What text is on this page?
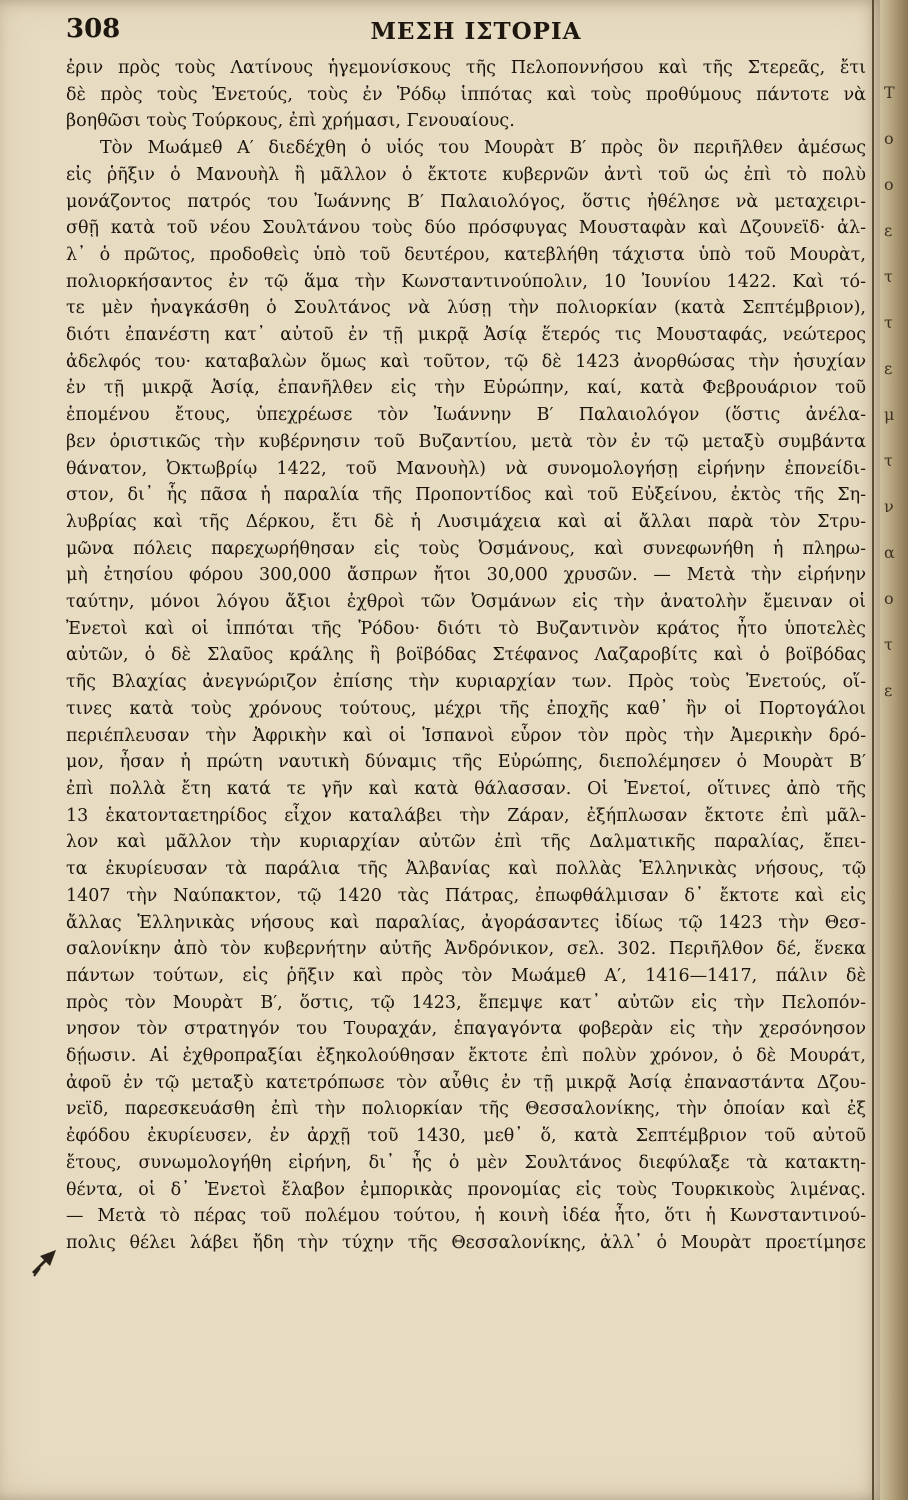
Τ
ο
ο
ε
τ
τ
ε
μ
τ
ν
α
ο
τ
ε
308	ΜΕΣΗ ΙΣΤΟΡΙΑ
ἐριν πρὸς τοὺς Λατίνους ἡγεμονίσκους τῆς Πελοποννήσου καὶ τῆς Στερεᾶς, ἔτι
δὲ πρὸς τοὺς Ἐνετούς, τοὺς ἐν Ῥόδῳ ἱππότας καὶ τοὺς προθύμους πάντοτε νὰ
βοηθῶσι τοὺς Τούρκους, ἐπὶ χρήμασι, Γενουαίους.
Τὸν Μωάμεθ Α′ διεδέχθη ὁ υἱός του Μουρὰτ Β′ πρὸς ὃν περιῆλθεν ἀμέσως
εἰς ῥῆξιν ὁ Μανουὴλ ἢ μᾶλλον ὁ ἔκτοτε κυβερνῶν ἀντὶ τοῦ ὡς ἐπὶ τὸ πολὺ
μονάζοντος πατρός του Ἰωάννης Β′ Παλαιολόγος, ὅστις ἠθέλησε νὰ μεταχειρι-
σθῇ κατὰ τοῦ νέου Σουλτάνου τοὺς δύο πρόσφυγας Μουσταφὰν καὶ Δζουνεϊδ· ἀλ-
λ᾿ ὁ πρῶτος, προδοθεὶς ὑπὸ τοῦ δευτέρου, κατεβλήθη τάχιστα ὑπὸ τοῦ Μουρὰτ,
πολιορκήσαντος ἐν τῷ ἅμα τὴν Κωνσταντινούπολιν, 10 Ἰουνίου 1422. Καὶ τό-
τε μὲν ἠναγκάσθη ὁ Σουλτάνος νὰ λύσῃ τὴν πολιορκίαν (κατὰ Σεπτέμβριον),
διότι ἐπανέστη κατ᾿ αὐτοῦ ἐν τῇ μικρᾷ Ἀσίᾳ ἕτερός τις Μουσταφάς, νεώτερος
ἀδελφός του· καταβαλὼν ὅμως καὶ τοῦτον, τῷ δὲ 1423 ἀνορθώσας τὴν ἡσυχίαν
ἐν τῇ μικρᾷ Ἀσίᾳ, ἐπανῆλθεν εἰς τὴν Εὐρώπην, καί, κατὰ Φεβρουάριον τοῦ
ἑπομένου ἔτους, ὑπεχρέωσε τὸν Ἰωάννην Β′ Παλαιολόγον (ὅστις ἀνέλα-
βεν ὁριστικῶς τὴν κυβέρνησιν τοῦ Βυζαντίου, μετὰ τὸν ἐν τῷ μεταξὺ συμβάντα
θάνατον, Ὀκτωβρίῳ 1422, τοῦ Μανουὴλ) νὰ συνομολογήσῃ εἰρήνην ἐπονείδι-
στον, δι᾿ ἧς πᾶσα ἡ παραλία τῆς Προποντίδος καὶ τοῦ Εὐξείνου, ἐκτὸς τῆς Ση-
λυβρίας καὶ τῆς Δέρκου, ἔτι δὲ ἡ Λυσιμάχεια καὶ αἱ ἄλλαι παρὰ τὸν Στρυ-
μῶνα πόλεις παρεχωρήθησαν εἰς τοὺς Ὀσμάνους, καὶ συνεφωνήθη ἡ πληρω-
μὴ ἐτησίου φόρου 300,000 ἄσπρων ἤτοι 30,000 χρυσῶν. — Μετὰ τὴν εἰρήνην
ταύτην, μόνοι λόγου ἄξιοι ἐχθροὶ τῶν Ὀσμάνων εἰς τὴν ἀνατολὴν ἔμειναν οἱ
Ἐνετοὶ καὶ οἱ ἱππόται τῆς Ῥόδου· διότι τὸ Βυζαντινὸν κράτος ἦτο ὑποτελὲς
αὐτῶν, ὁ δὲ Σλαῦος κράλης ἢ βοϊβόδας Στέφανος Λαζαροβίτς καὶ ὁ βοϊβόδας
τῆς Βλαχίας ἀνεγνώριζον ἐπίσης τὴν κυριαρχίαν των. Πρὸς τοὺς Ἐνετούς, οἵ-
τινες κατὰ τοὺς χρόνους τούτους, μέχρι τῆς ἐποχῆς καθ᾿ ἣν οἱ Πορτογάλοι
περιέπλευσαν τὴν Ἀφρικὴν καὶ οἱ Ἱσπανοὶ εὗρον τὸν πρὸς τὴν Ἀμερικὴν δρό-
μον, ἦσαν ἡ πρώτη ναυτικὴ δύναμις τῆς Εὐρώπης, διεπολέμησεν ὁ Μουρὰτ Β′
ἐπὶ πολλὰ ἔτη κατά τε γῆν καὶ κατὰ θάλασσαν. Οἱ Ἐνετοί, οἵτινες ἀπὸ τῆς
13 ἑκατονταετηρίδος εἶχον καταλάβει τὴν Ζάραν, ἐξήπλωσαν ἔκτοτε ἐπὶ μᾶλ-
λον καὶ μᾶλλον τὴν κυριαρχίαν αὐτῶν ἐπὶ τῆς Δαλματικῆς παραλίας, ἔπει-
τα ἐκυρίευσαν τὰ παράλια τῆς Ἀλβανίας καὶ πολλὰς Ἑλληνικὰς νήσους, τῷ
1407 τὴν Ναύπακτον, τῷ 1420 τὰς Πάτρας, ἐπωφθάλμισαν δ᾿ ἔκτοτε καὶ εἰς
ἄλλας Ἑλληνικὰς νήσους καὶ παραλίας, ἀγοράσαντες ἰδίως τῷ 1423 τὴν Θεσ-
σαλονίκην ἀπὸ τὸν κυβερνήτην αὐτῆς Ἀνδρόνικον, σελ. 302. Περιῆλθον δέ, ἕνεκα
πάντων τούτων, εἰς ῥῆξιν καὶ πρὸς τὸν Μωάμεθ Α′, 1416—1417, πάλιν δὲ
πρὸς τὸν Μουρὰτ Β′, ὅστις, τῷ 1423, ἔπεμψε κατ᾿ αὐτῶν εἰς τὴν Πελοπόν-
νησον τὸν στρατηγόν του Τουραχάν, ἐπαγαγόντα φοβερὰν εἰς τὴν χερσόνησον
δῄωσιν. Αἱ ἐχθροπραξίαι ἐξηκολούθησαν ἔκτοτε ἐπὶ πολὺν χρόνον, ὁ δὲ Μουράτ,
ἀφοῦ ἐν τῷ μεταξὺ κατετρόπωσε τὸν αὖθις ἐν τῇ μικρᾷ Ἀσίᾳ ἐπαναστάντα Δζου-
νεϊδ, παρεσκευάσθη ἐπὶ τὴν πολιορκίαν τῆς Θεσσαλονίκης, τὴν ὁποίαν καὶ ἐξ
ἐφόδου ἐκυρίευσεν, ἐν ἀρχῇ τοῦ 1430, μεθ᾿ ὅ, κατὰ Σεπτέμβριον τοῦ αὐτοῦ
ἔτους, συνωμολογήθη εἰρήνη, δι᾿ ἧς ὁ μὲν Σουλτάνος διεφύλαξε τὰ κατακτη-
θέντα, οἱ δ᾿ Ἐνετοὶ ἔλαβον ἐμπορικὰς προνομίας εἰς τοὺς Τουρκικοὺς λιμένας.
— Μετὰ τὸ πέρας τοῦ πολέμου τούτου, ἡ κοινὴ ἰδέα ἦτο, ὅτι ἡ Κωνσταντινού-
πολις θέλει λάβει ἤδη τὴν τύχην τῆς Θεσσαλονίκης, ἀλλ᾿ ὁ Μουρὰτ προετίμησε
